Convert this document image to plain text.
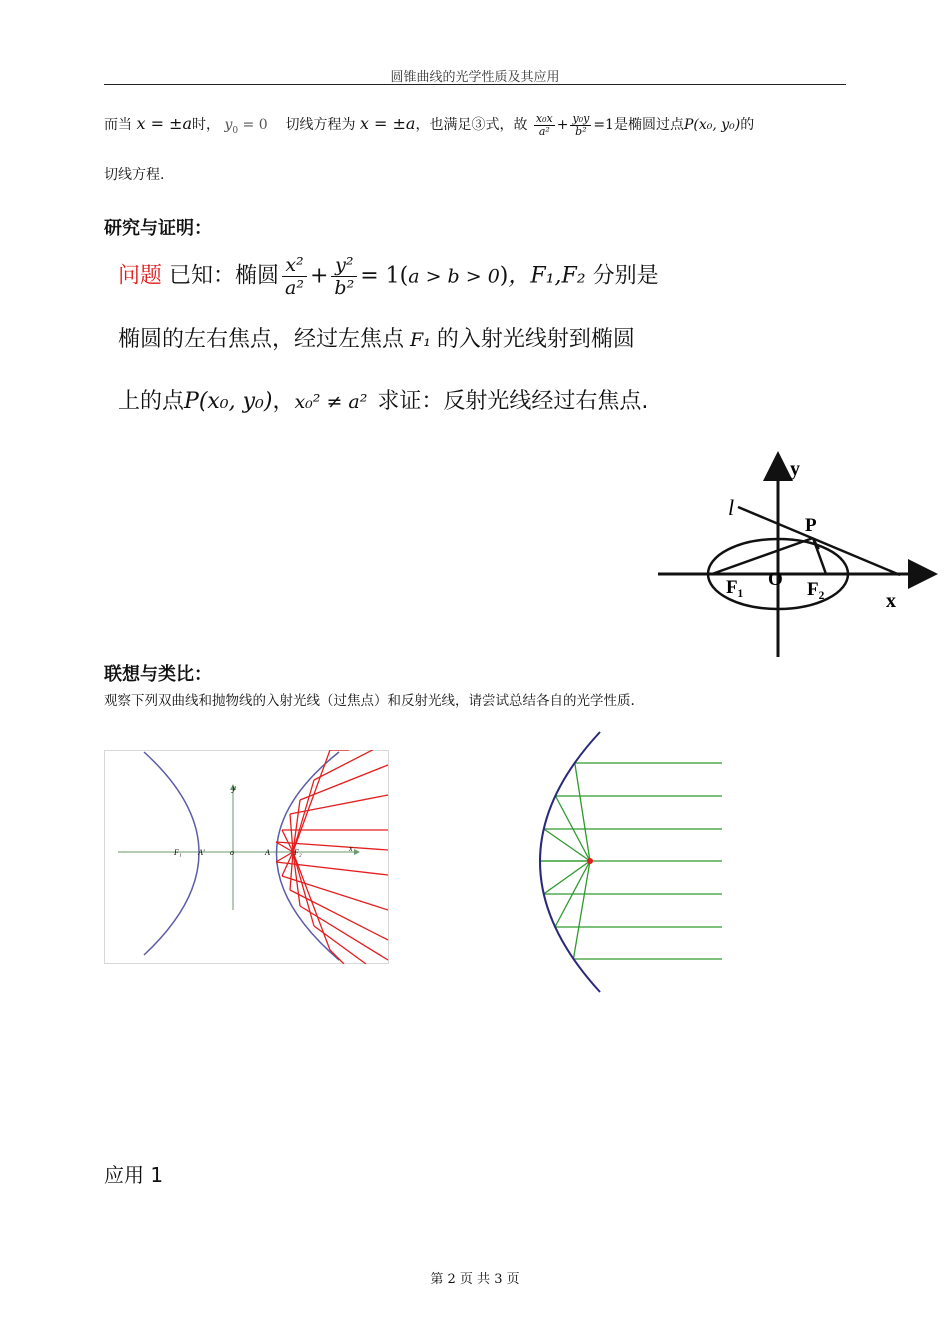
圆锥曲线的光学性质及其应用
而当 x = ±a时， $y_0 = 0$ 切线方程为 x = ±a，也满足③式，故 $\frac{\text{x₀x}}{\text{a²}} + \frac{\text{y₀y}}{\text{b²}} =1$是椭圆过点P(x₀, y₀)的
切线方程.
研究与证明：
问题 已知：椭圆 $\frac{\text{x²}}{\text{a²}} + \frac{\text{y²}}{\text{b²}} = 1(a > b > 0)$，F₁,F₂ 分别是
椭圆的左右焦点，经过左焦点 F₁ 的入射光线射到椭圆
上的点P(x₀, y₀)，x₀² ≠ a² 求证：反射光线经过右焦点.
y
l
P
F₁ O F₂
x
联想与类比：
观察下列双曲线和抛物线的入射光线（过焦点）和反射光线，请尝试总结各自的光学性质.
F₁ A'	o	A	F₂	x
y
应用 1
第 2 页 共 3 页
